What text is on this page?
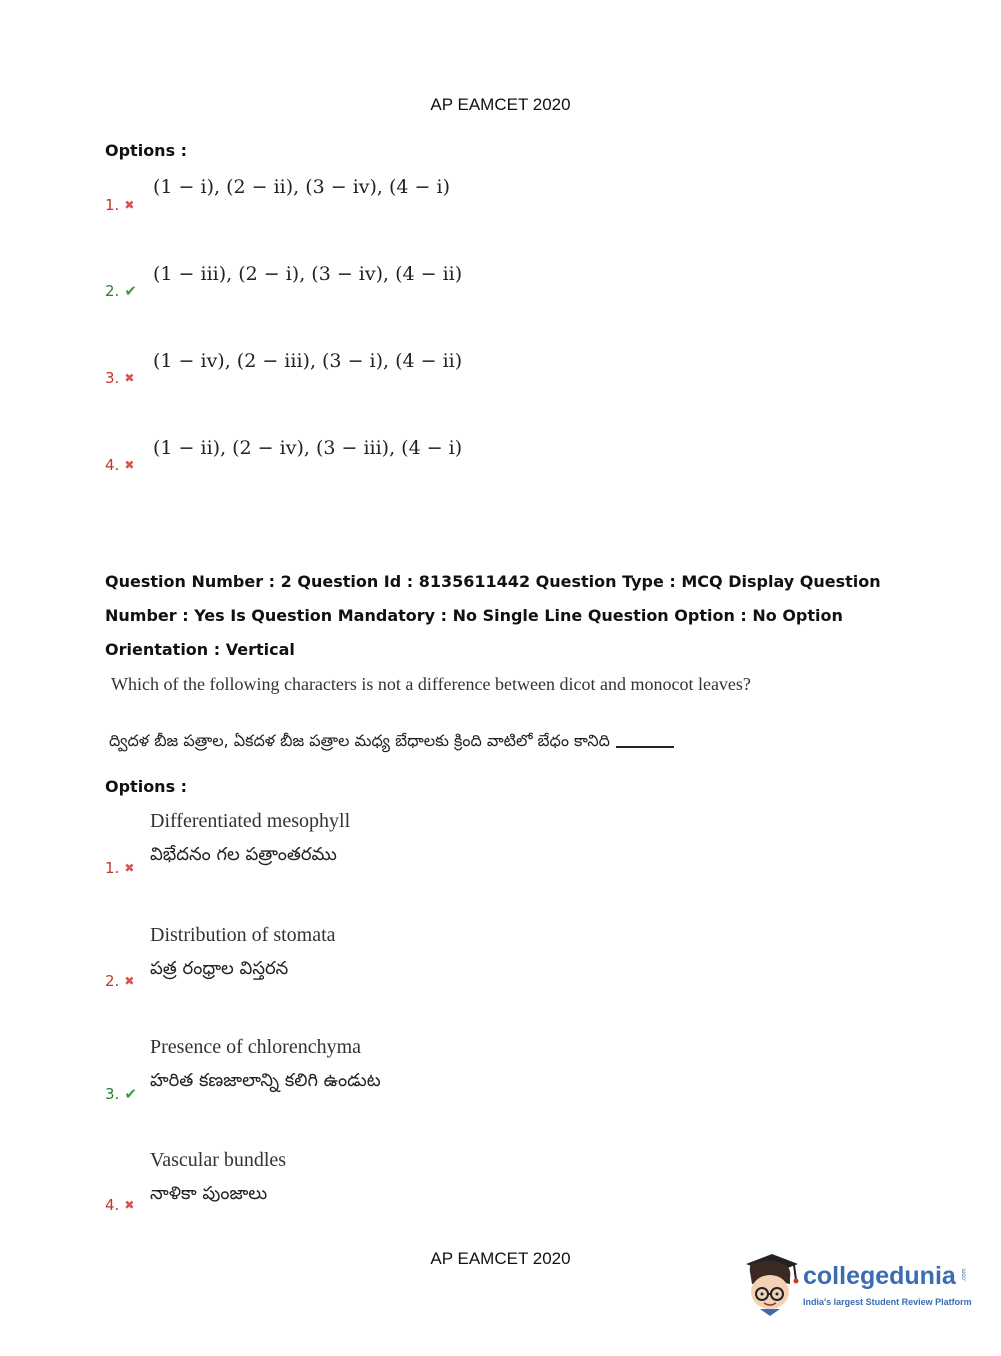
AP EAMCET 2020
Options :
(1 − i), (2 − ii), (3 − iv), (4 − i)
1. ✖
(1 − iii), (2 − i), (3 − iv), (4 − ii)
2. ✔
(1 − iv), (2 − iii), (3 − i), (4 − ii)
3. ✖
(1 − ii), (2 − iv), (3 − iii), (4 − i)
4. ✖
Question Number : 2 Question Id : 8135611442 Question Type : MCQ Display Question
Number : Yes Is Question Mandatory : No Single Line Question Option : No Option
Orientation : Vertical
Which of the following characters is not a difference between dicot and monocot leaves?
ద్విదళ బీజ పత్రాల, ఏకదళ బీజ పత్రాల మధ్య బేధాలకు క్రింది వాటిలో బేధం కానిది
Options :
Differentiated mesophyll
విభేదనం గల పత్రాంతరము
1. ✖
Distribution of stomata
పత్ర రంధ్రాల విస్తరన
2. ✖
Presence of chlorenchyma
హరిత కణజాలాన్ని కలిగి ఉండుట
3. ✔
Vascular bundles
నాళికా పుంజాలు
4. ✖
AP EAMCET 2020
collegedunia .com
India's largest Student Review Platform
